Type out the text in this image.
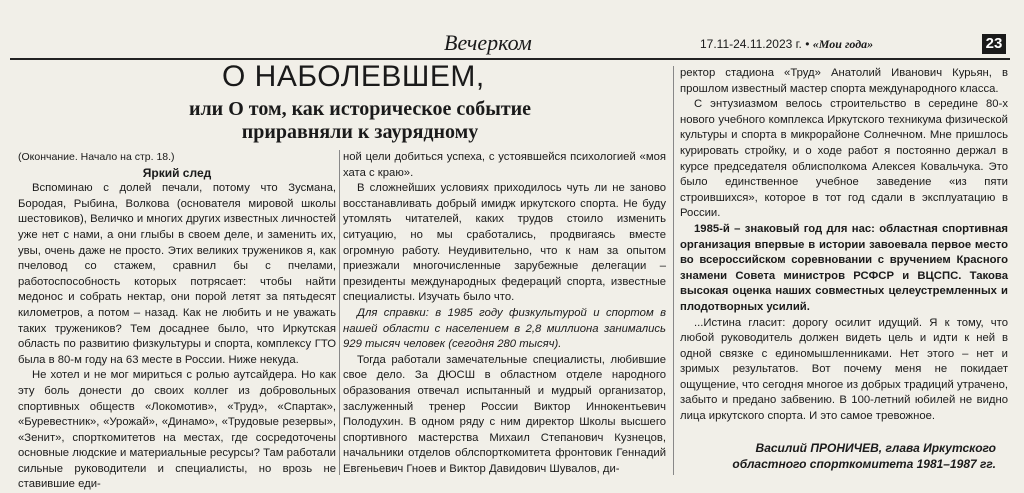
Вечерком	17.11-24.11.2023 г. • «Мои года»	23
О НАБОЛЕВШЕМ,
или О том, как историческое событие приравняли к заурядному

(Окончание. Начало на стр. 18.)

Яркий след

Вспоминаю с долей печали, потому что Зусмана, Бородая, Рыбина, Волкова (основателя мировой школы шестовиков), Величко и многих других известных личностей уже нет с нами, а они глыбы в своем деле, и заменить их, увы, очень даже не просто. Этих великих тружеников я, как пчеловод со стажем, сравнил бы с пчелами, работоспособность которых потрясает: чтобы найти медонос и собрать нектар, они порой летят за пятьдесят километров, а потом – назад. Как не любить и не уважать таких тружеников? Тем досаднее было, что Иркутская область по развитию физкультуры и спорта, комплексу ГТО была в 80-м году на 63 месте в России. Ниже некуда.

Не хотел и не мог мириться с ролью аутсайдера. Но как эту боль донести до своих коллег из добровольных спортивных обществ «Локомотив», «Труд», «Спартак», «Буревестник», «Урожай», «Динамо», «Трудовые резервы», «Зенит», спорткомитетов на местах, где сосредоточены основные людские и материальные ресурсы? Там работали сильные руководители и специалисты, но врозь не ставившие еди-

ной цели добиться успеха, с устоявшейся психологией «моя хата с краю».

В сложнейших условиях приходилось чуть ли не заново восстанавливать добрый имидж иркутского спорта. Не буду утомлять читателей, каких трудов стоило изменить ситуацию, но мы сработались, продвигаясь вместе огромную работу. Неудивительно, что к нам за опытом приезжали многочисленные зарубежные делегации – президенты международных федераций спорта, известные специалисты. Изучать было что.

Для справки: в 1985 году физкультурой и спортом в нашей области с населением в 2,8 миллиона занимались 929 тысяч человек (сегодня 280 тысяч).

Тогда работали замечательные специалисты, любившие свое дело. За ДЮСШ в областном отделе народного образования отвечал испытанный и мудрый организатор, заслуженный тренер России Виктор Иннокентьевич Полодухин. В одном ряду с ним директор Школы высшего спортивного мастерства Михаил Степанович Кузнецов, начальники отделов облспорткомитета фронтовик Геннадий Евгеньевич Гноев и Виктор Давидович Шувалов, ди-

ректор стадиона «Труд» Анатолий Иванович Курьян, в прошлом известный мастер спорта международного класса.

С энтузиазмом велось строительство в середине 80-х нового учебного комплекса Иркутского техникума физической культуры и спорта в микрорайоне Солнечном. Мне пришлось курировать стройку, и о ходе работ я постоянно держал в курсе председателя облисполкома Алексея Ковальчука. Это было единственное учебное заведение «из пяти строившихся», которое в тот год сдали в эксплуатацию в России.

1985-й – знаковый год для нас: областная спортивная организация впервые в истории завоевала первое место во всероссийском соревновании с вручением Красного знамени Совета министров РСФСР и ВЦСПС. Такова высокая оценка наших совместных целеустремленных и плодотворных усилий.

...Истина гласит: дорогу осилит идущий. Я к тому, что любой руководитель должен видеть цель и идти к ней в одной связке с единомышленниками. Нет этого – нет и зримых результатов. Вот почему меня не покидает ощущение, что сегодня многое из добрых традиций утрачено, забыто и предано забвению. В 100-летний юбилей не видно лица иркутского спорта. И это самое тревожное.

Василий ПРОНИЧЕВ, глава Иркутского областного спорткомитета 1981–1987 гг.
